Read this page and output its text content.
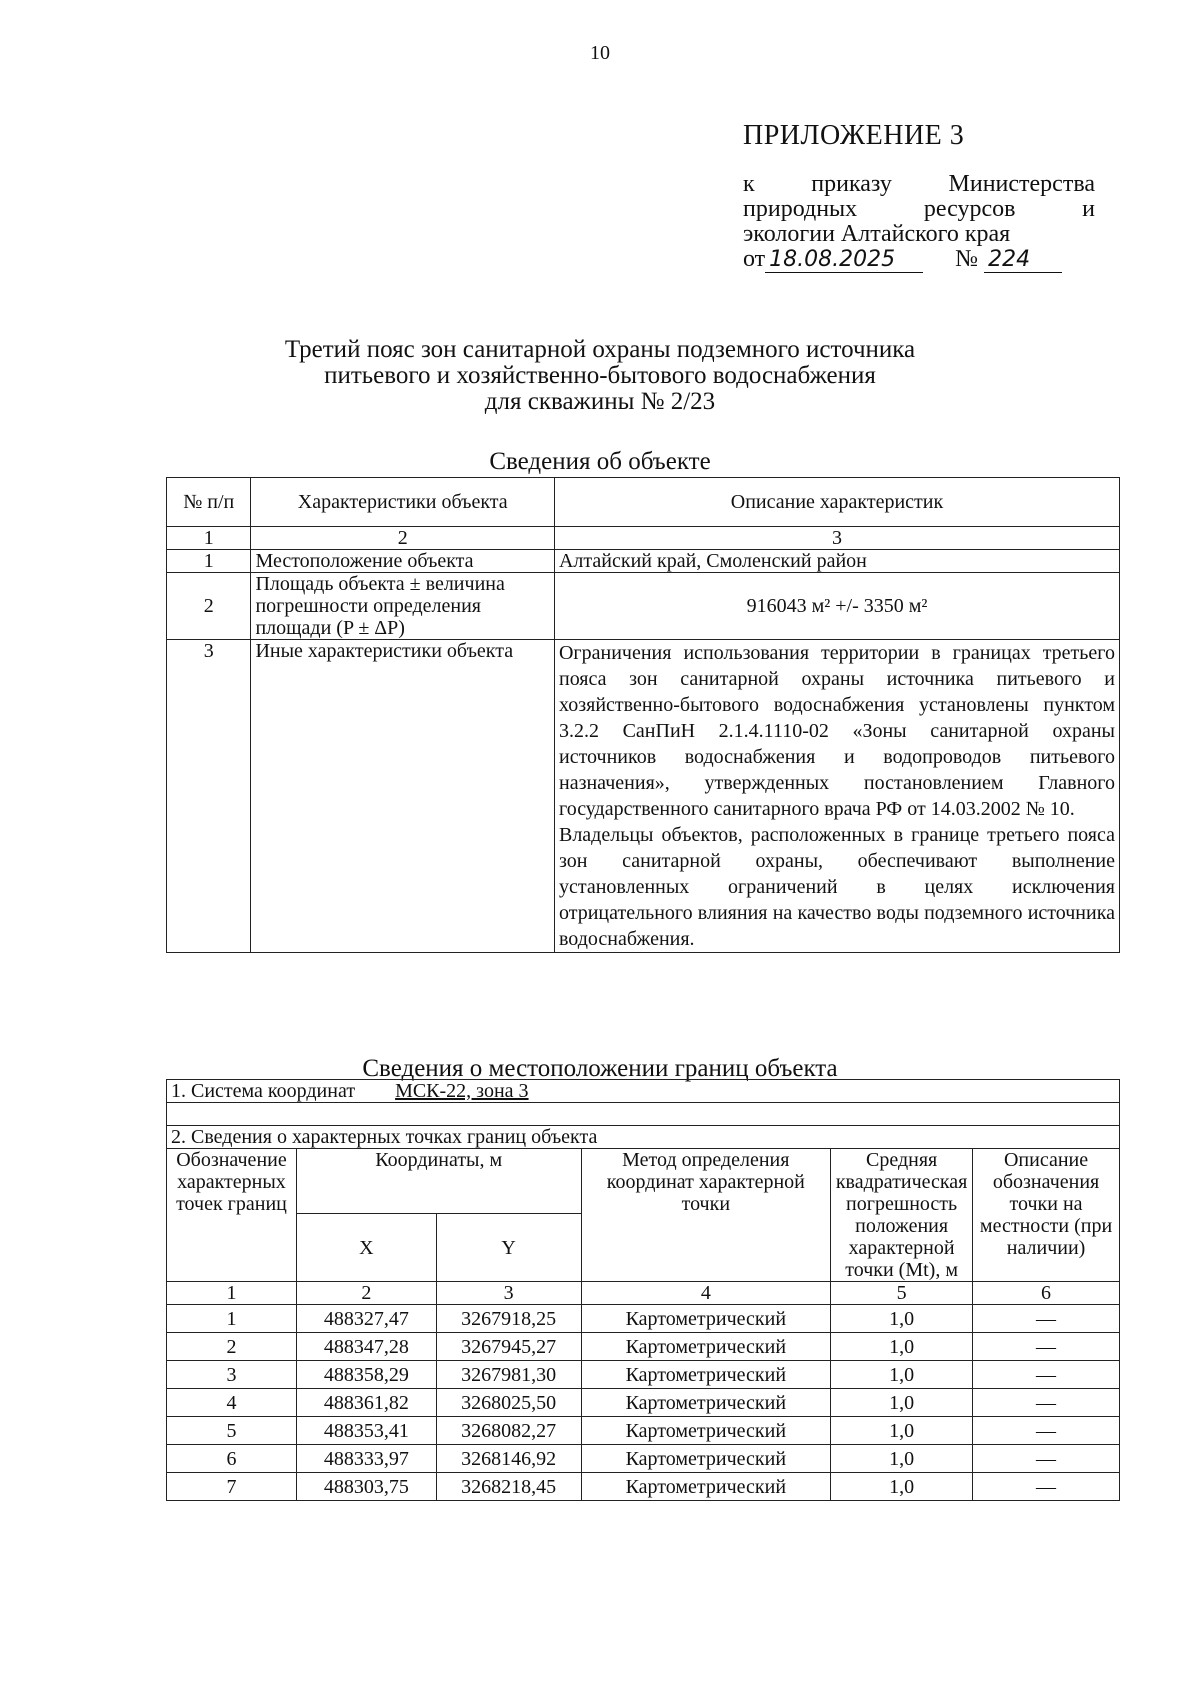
10
ПРИЛОЖЕНИЕ 3
к приказу Министерства
природных	ресурсов	и
экологии Алтайского края
от 18.08.2025	№ 224
Третий пояс зон санитарной охраны подземного источника
питьевого и хозяйственно-бытового водоснабжения
для скважины № 2/23
Сведения об объекте
№ п/п	Характеристики объекта	Описание характеристик
1	2	3
1	Местоположение объекта	Алтайский край, Смоленский район
2	Площадь объекта ± величина погрешности определения площади (P ± ΔP)	916043 м² +/- 3350 м²
3	Иные характеристики объекта	Ограничения использования территории в границах третьего пояса зон санитарной охраны источника питьевого и хозяйственно-бытового водоснабжения установлены пунктом 3.2.2 СанПиН 2.1.4.1110-02 «Зоны санитарной охраны источников водоснабжения и водопроводов питьевого назначения», утвержденных постановлением Главного государственного санитарного врача РФ от 14.03.2002 № 10.

Владельцы объектов, расположенных в границе третьего пояса зон санитарной охраны, обеспечивают выполнение установленных ограничений в целях исключения отрицательного влияния на качество воды подземного источника водоснабжения.

Сведения о местоположении границ объекта
1. Система координат МСК-22, зона 3					

2. Сведения о характерных точках границ объекта					
Обозначение характерных точек границ	Координаты, м		Метод определения координат характерной точки	Средняя квадратическая погрешность положения характерной точки (Mt), м	Описание обозначения точки на местности (при наличии)
	X	Y			
1	2	3	4	5	6
1	488327,47	3267918,25	Картометрический	1,0	—
2	488347,28	3267945,27	Картометрический	1,0	—
3	488358,29	3267981,30	Картометрический	1,0	—
4	488361,82	3268025,50	Картометрический	1,0	—
5	488353,41	3268082,27	Картометрический	1,0	—
6	488333,97	3268146,92	Картометрический	1,0	—
7	488303,75	3268218,45	Картометрический	1,0	—
